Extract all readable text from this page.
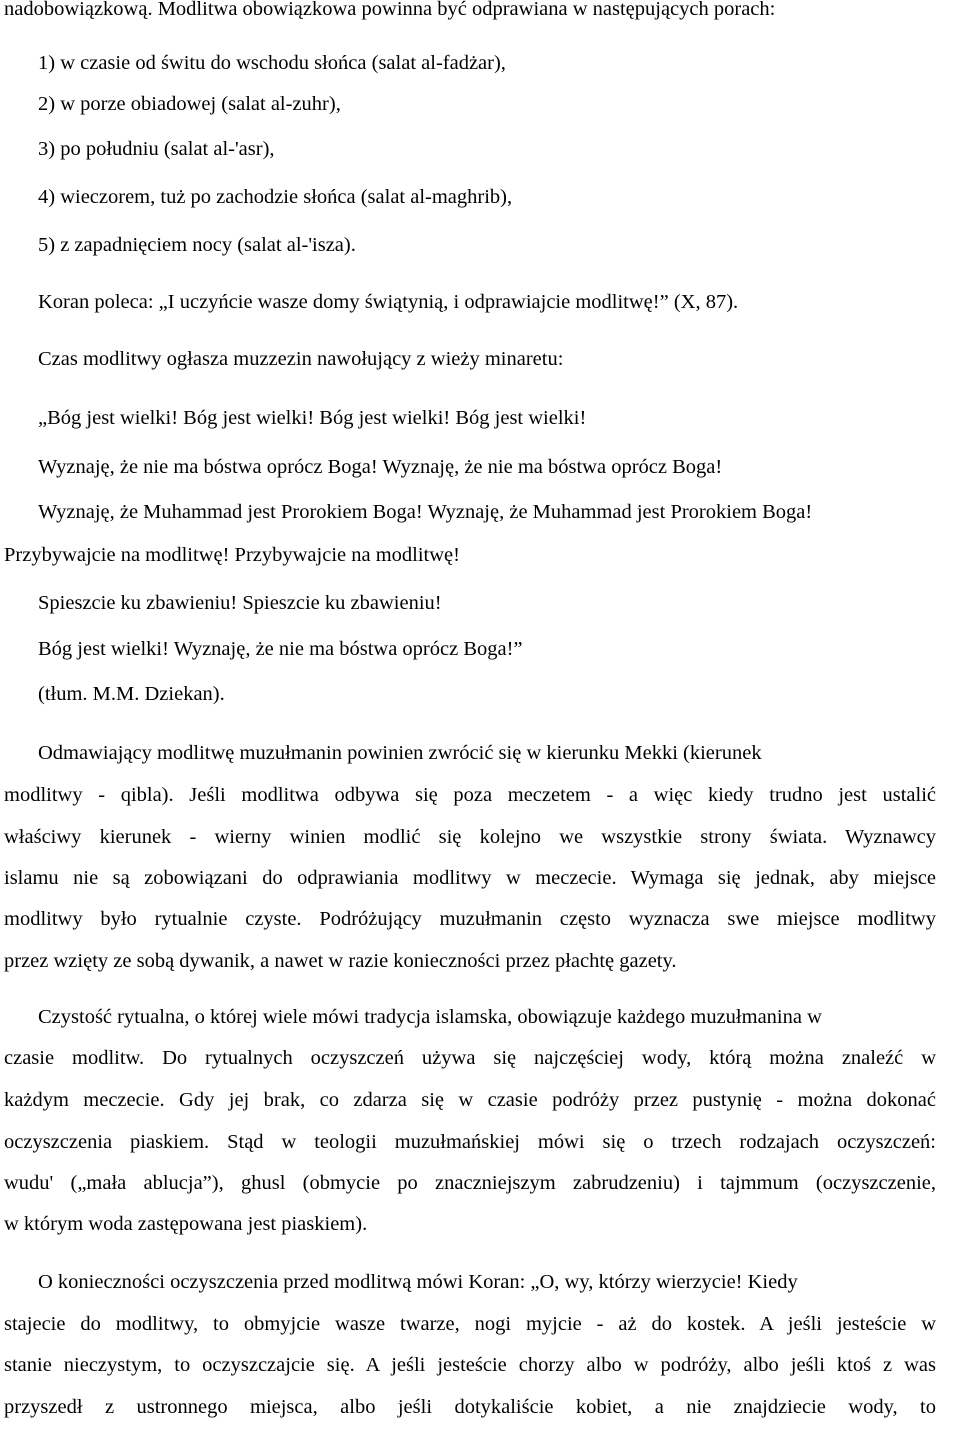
nadobowiązkową. Modlitwa obowiązkowa powinna być odprawiana w następujących porach:
1) w czasie od świtu do wschodu słońca (salat al-fadżar),
2) w porze obiadowej (salat al-zuhr),
3) po południu (salat al-'asr),
4) wieczorem, tuż po zachodzie słońca (salat al-maghrib),
5) z zapadnięciem nocy (salat al-'isza).
Koran poleca: „I uczyńcie wasze domy świątynią, i odprawiajcie modlitwę!” (X, 87).
Czas modlitwy ogłasza muzzezin nawołujący z wieży minaretu:
„Bóg jest wielki! Bóg jest wielki! Bóg jest wielki! Bóg jest wielki!
Wyznaję, że nie ma bóstwa oprócz Boga! Wyznaję, że nie ma bóstwa oprócz Boga!
Wyznaję, że Muhammad jest Prorokiem Boga! Wyznaję, że Muhammad jest Prorokiem Boga!
Przybywajcie na modlitwę! Przybywajcie na modlitwę!
Spieszcie ku zbawieniu! Spieszcie ku zbawieniu!
Bóg jest wielki! Wyznaję, że nie ma bóstwa oprócz Boga!”
(tłum. M.M. Dziekan).
Odmawiający modlitwę muzułmanin powinien zwrócić się w kierunku Mekki (kierunek
modlitwy - qibla). Jeśli modlitwa odbywa się poza meczetem - a więc kiedy trudno jest ustalić
właściwy kierunek - wierny winien modlić się kolejno we wszystkie strony świata. Wyznawcy
islamu nie są zobowiązani do odprawiania modlitwy w meczecie. Wymaga się jednak, aby miejsce
modlitwy było rytualnie czyste. Podróżujący muzułmanin często wyznacza swe miejsce modlitwy
przez wzięty ze sobą dywanik, a nawet w razie konieczności przez płachtę gazety.
Czystość rytualna, o której wiele mówi tradycja islamska, obowiązuje każdego muzułmanina w
czasie modlitw. Do rytualnych oczyszczeń używa się najczęściej wody, którą można znaleźć w
każdym meczecie. Gdy jej brak, co zdarza się w czasie podróży przez pustynię - można dokonać
oczyszczenia piaskiem. Stąd w teologii muzułmańskiej mówi się o trzech rodzajach oczyszczeń:
wudu' („mała ablucja”), ghusl (obmycie po znaczniejszym zabrudzeniu) i tajmmum (oczyszczenie,
w którym woda zastępowana jest piaskiem).
O konieczności oczyszczenia przed modlitwą mówi Koran: „O, wy, którzy wierzycie! Kiedy
stajecie do modlitwy, to obmyjcie wasze twarze, nogi myjcie - aż do kostek. A jeśli jesteście w
stanie nieczystym, to oczyszczajcie się. A jeśli jesteście chorzy albo w podróży, albo jeśli ktoś z was
przyszedł z ustronnego miejsca, albo jeśli dotykaliście kobiet, a nie znajdziecie wody, to
